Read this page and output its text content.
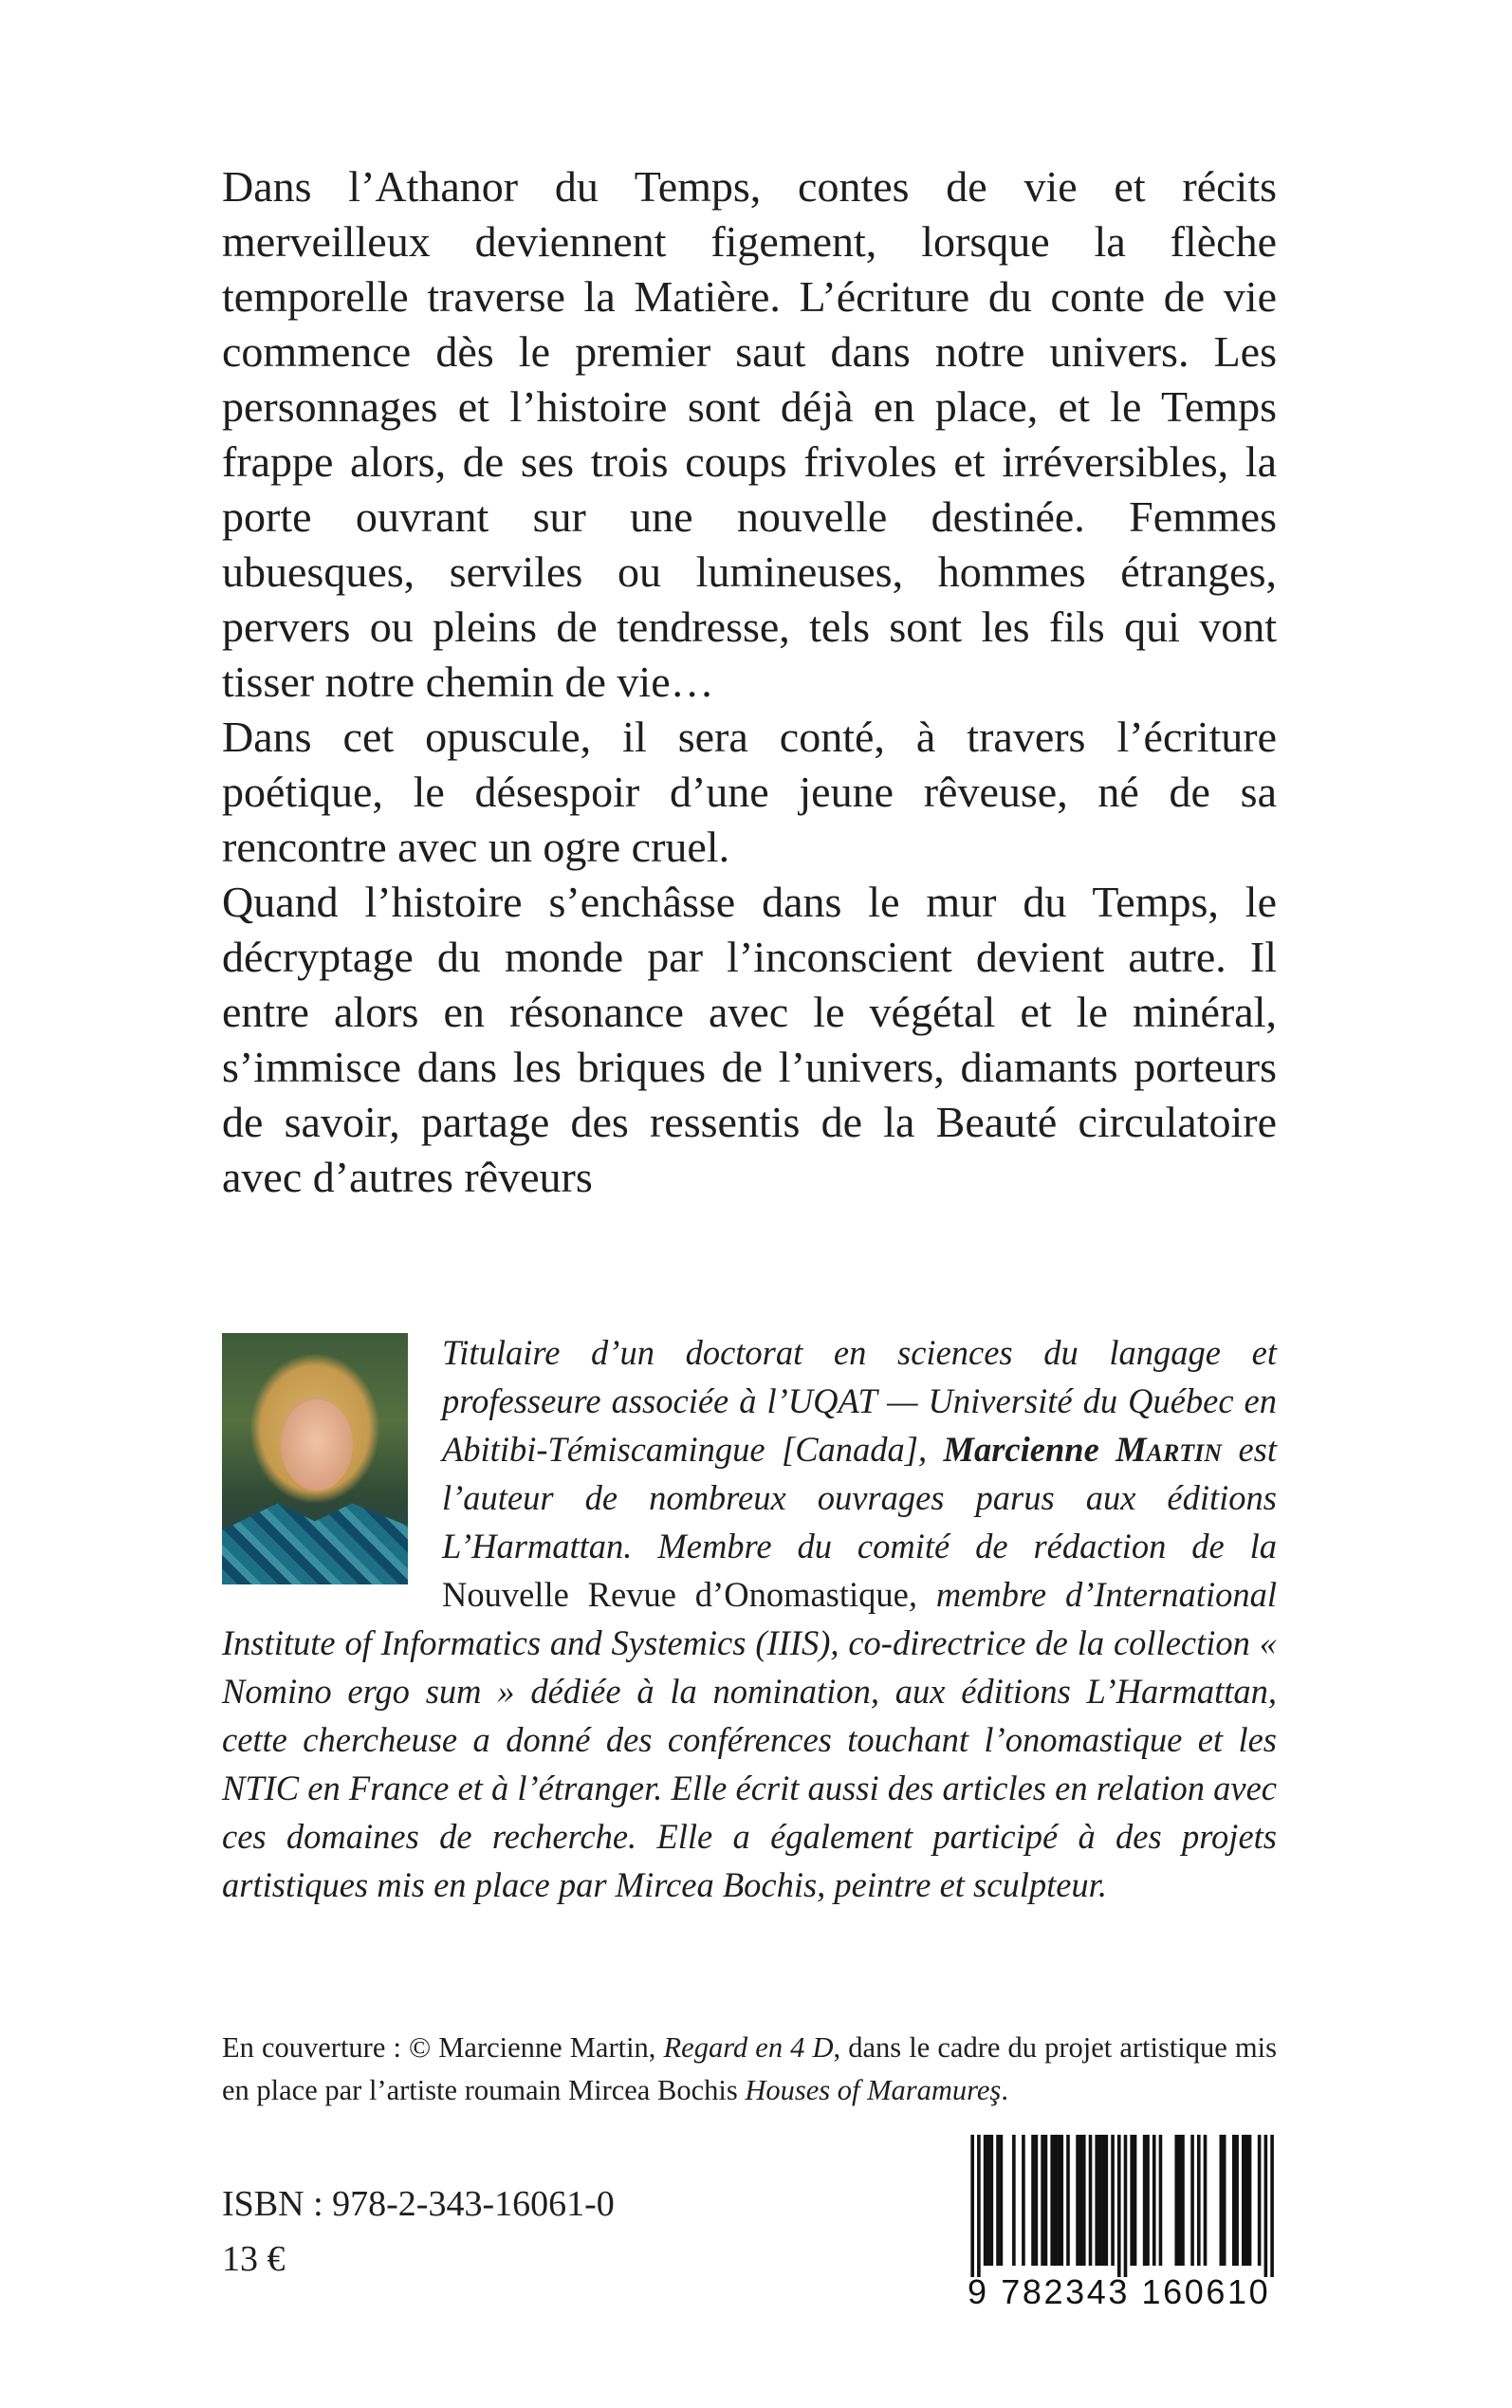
Dans l’Athanor du Temps, contes de vie et récits merveilleux deviennent figement, lorsque la flèche temporelle traverse la Matière. L’écriture du conte de vie commence dès le premier saut dans notre univers. Les personnages et l’histoire sont déjà en place, et le Temps frappe alors, de ses trois coups frivoles et irréversibles, la porte ouvrant sur une nouvelle destinée. Femmes ubuesques, serviles ou lumineuses, hommes étranges, pervers ou pleins de tendresse, tels sont les fils qui vont tisser notre chemin de vie…

Dans cet opuscule, il sera conté, à travers l’écriture poétique, le désespoir d’une jeune rêveuse, né de sa rencontre avec un ogre cruel.

Quand l’histoire s’enchâsse dans le mur du Temps, le décryptage du monde par l’inconscient devient autre. Il entre alors en résonance avec le végétal et le minéral, s’immisce dans les briques de l’univers, diamants porteurs de savoir, partage des ressentis de la Beauté circulatoire avec d’autres rêveurs

Titulaire d’un doctorat en sciences du langage et professeure associée à l’UQAT — Université du Québec en Abitibi-Témiscamingue [Canada], Marcienne Martin est l’auteur de nombreux ouvrages parus aux éditions L’Harmattan. Membre du comité de rédaction de la Nouvelle Revue d’Onomastique, membre d’International Institute of Informatics and Systemics (IIIS), co-directrice de la collection « Nomino ergo sum » dédiée à la nomination, aux éditions L’Harmattan, cette chercheuse a donné des conférences touchant l’onomastique et les NTIC en France et à l’étranger. Elle écrit aussi des articles en relation avec ces domaines de recherche. Elle a également participé à des projets artistiques mis en place par Mircea Bochis, peintre et sculpteur.
En couverture : © Marcienne Martin, Regard en 4 D, dans le cadre du projet artistique mis en place par l’artiste roumain Mircea Bochis Houses of Maramureş.
ISBN : 978-2-343-16061-0
13 €
9 782343 160610
